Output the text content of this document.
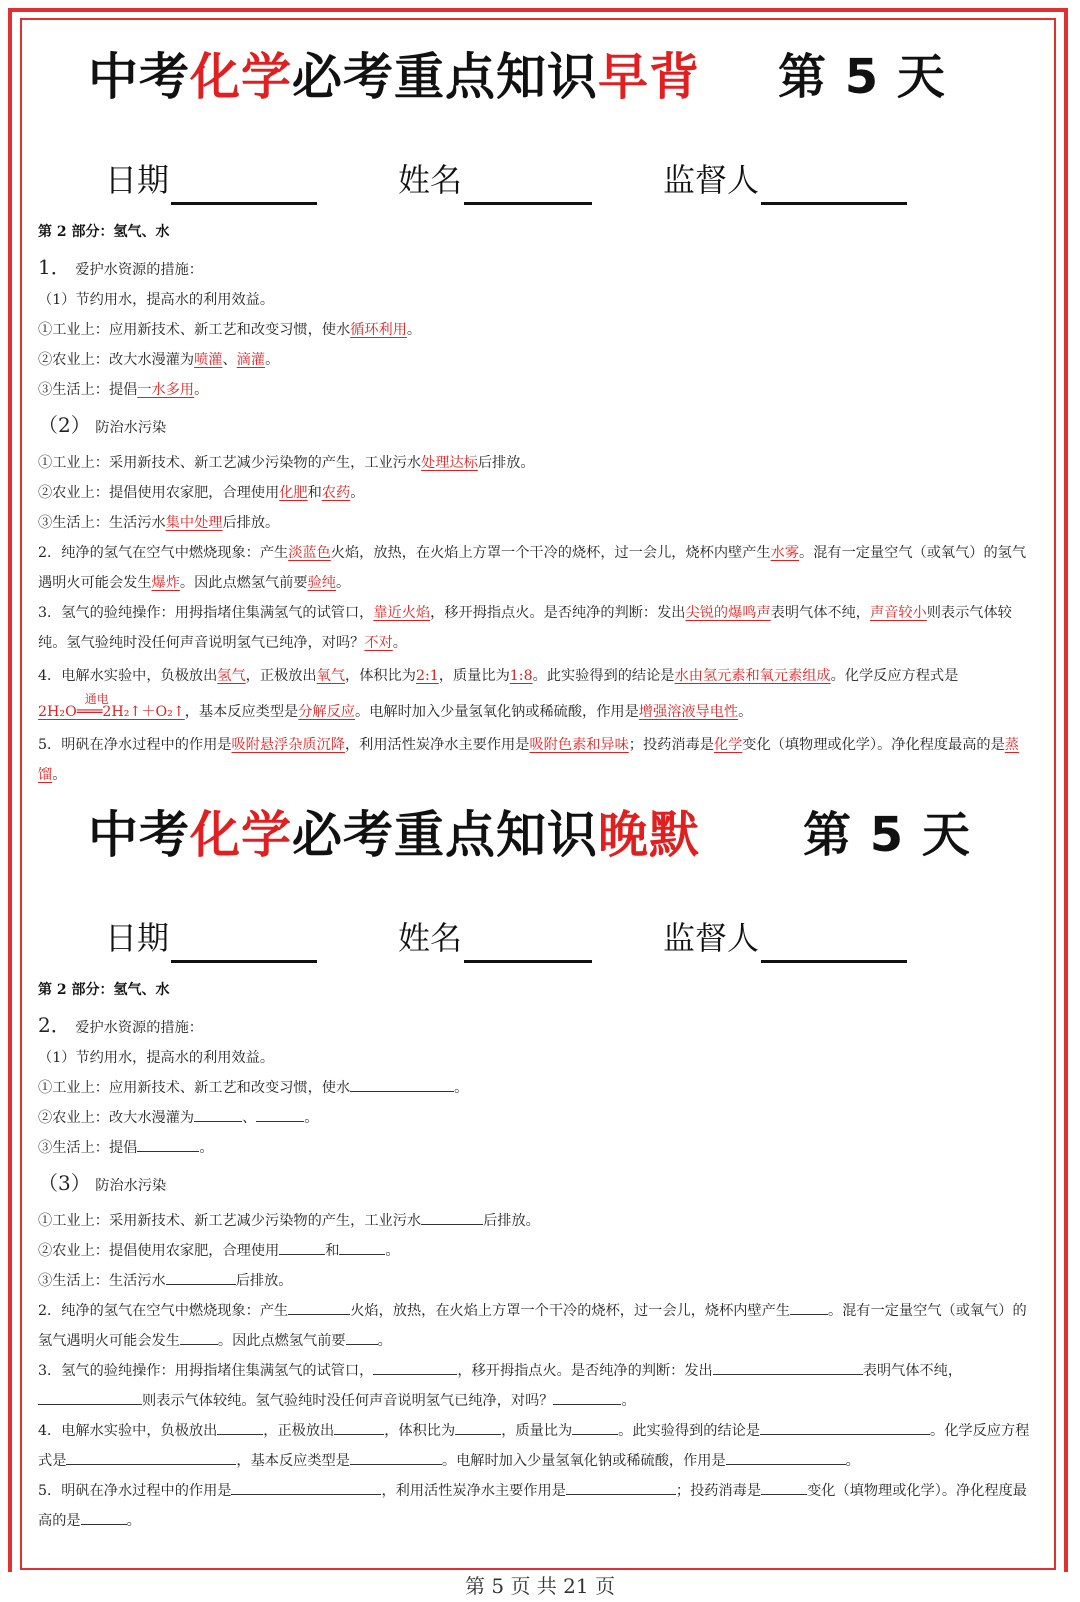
中考化学必考重点知识早背 第 5 天
日期	姓名	监督人
第 2 部分：氢气、水

1． 爱护水资源的措施：

（1）节约用水，提高水的利用效益。

①工业上：应用新技术、新工艺和改变习惯，使水循环利用。

②农业上：改大水漫灌为喷灌、滴灌。

③生活上：提倡一水多用。

（2） 防治水污染

①工业上：采用新技术、新工艺减少污染物的产生，工业污水处理达标后排放。

②农业上：提倡使用农家肥，合理使用化肥和农药。

③生活上：生活污水集中处理后排放。

2．纯净的氢气在空气中燃烧现象：产生淡蓝色火焰，放热，在火焰上方罩一个干冷的烧杯，过一会儿，烧杯内壁产生水雾。混有一定量空气（或氧气）的氢气遇明火可能会发生爆炸。因此点燃氢气前要验纯。

3．氢气的验纯操作：用拇指堵住集满氢气的试管口，靠近火焰，移开拇指点火。是否纯净的判断：发出尖锐的爆鸣声表明气体不纯，声音较小则表示气体较纯。氢气验纯时没任何声音说明氢气已纯净，对吗？不对。

4．电解水实验中，负极放出氢气，正极放出氧气，体积比为2:1，质量比为1:8。此实验得到的结论是水由氢元素和氧元素组成。化学反应方程式是
2H₂O
通电
═══2H₂↑＋O₂↑，基本反应类型是分解反应。电解时加入少量氢氧化钠或稀硫酸，作用是增强溶液导电性。

5．明矾在净水过程中的作用是吸附悬浮杂质沉降，利用活性炭净水主要作用是吸附色素和异味；投药消毒是化学变化（填物理或化学）。净化程度最高的是蒸馏。

中考化学必考重点知识晚默 第 5 天
日期	姓名	监督人
第 2 部分：氢气、水

2． 爱护水资源的措施：

（1）节约用水，提高水的利用效益。

①工业上：应用新技术、新工艺和改变习惯，使水	。

②农业上：改大水漫灌为	、	。

③生活上：提倡	。

（3） 防治水污染

①工业上：采用新技术、新工艺减少污染物的产生，工业污水	后排放。

②农业上：提倡使用农家肥，合理使用	和	。

③生活上：生活污水	后排放。

2．纯净的氢气在空气中燃烧现象：产生	火焰，放热，在火焰上方罩一个干冷的烧杯，过一会儿，烧杯内壁产生	。混有一定量空气（或氧气）的氢气遇明火可能会发生	。因此点燃氢气前要 。

3．氢气的验纯操作：用拇指堵住集满氢气的试管口，	，移开拇指点火。是否纯净的判断：发出	表明气体不纯，则表示气体较纯。氢气验纯时没任何声音说明氢气已纯净，对吗？	。

4．电解水实验中，负极放出	，正极放出	，体积比为	，质量比为	。此实验得到的结论是	。化学反应方程式是	，基本反应类型是	。电解时加入少量氢氧化钠或稀硫酸，作用是	。

5．明矾在净水过程中的作用是	，利用活性炭净水主要作用是	；投药消毒是	变化（填物理或化学）。净化程度最高的是	。

第 5 页 共 21 页
